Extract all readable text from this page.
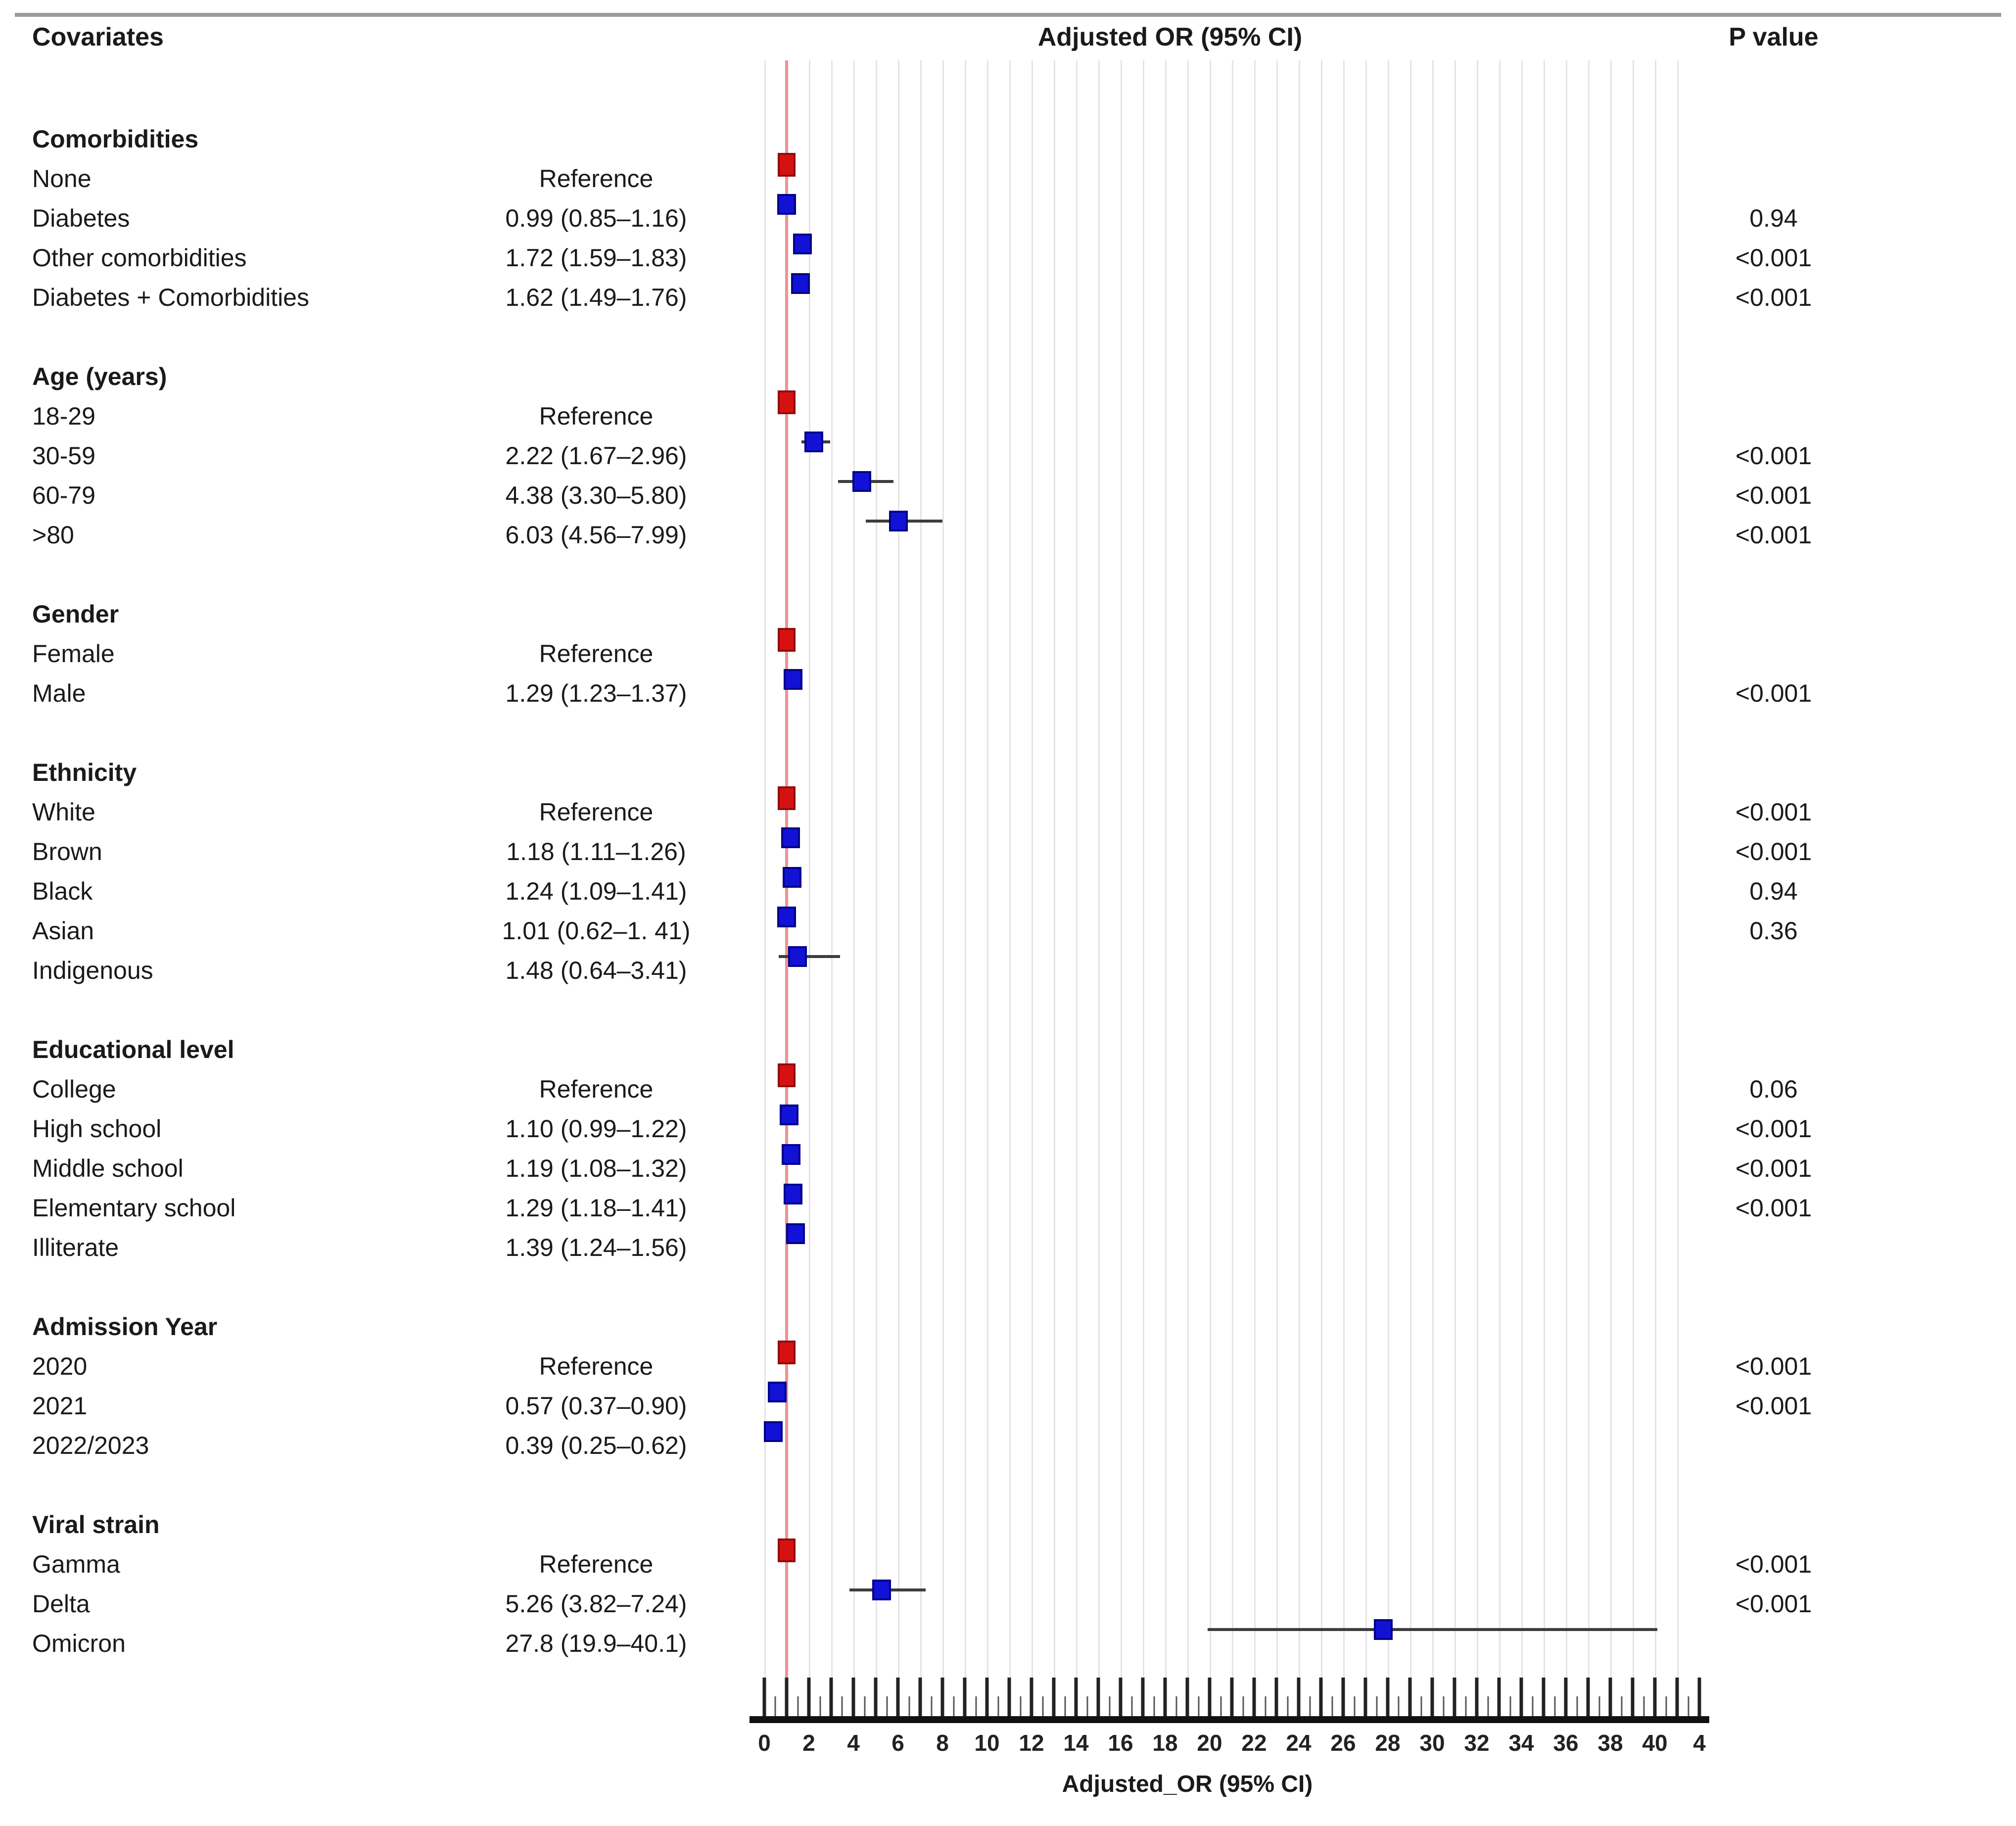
Covariates	Adjusted OR (95% CI)	P value
Comorbidities
None	Reference
Diabetes	0.99 (0.85–1.16)	0.94
Other comorbidities	1.72 (1.59–1.83)	<0.001
Diabetes + Comorbidities	1.62 (1.49–1.76)	<0.001
Age (years)
18-29	Reference
30-59	2.22 (1.67–2.96)	<0.001
60-79	4.38 (3.30–5.80)	<0.001
>80	6.03 (4.56–7.99)	<0.001
Gender
Female	Reference
Male	1.29 (1.23–1.37)	<0.001
Ethnicity
White	Reference	<0.001
Brown	1.18 (1.11–1.26)	<0.001
Black	1.24 (1.09–1.41)	0.94
Asian	1.01 (0.62–1. 41)	0.36
Indigenous	1.48 (0.64–3.41)
Educational level
College	Reference	0.06
High school	1.10 (0.99–1.22)	<0.001
Middle school	1.19 (1.08–1.32)	<0.001
Elementary school	1.29 (1.18–1.41)	<0.001
Illiterate	1.39 (1.24–1.56)
Admission Year
2020	Reference	<0.001
2021	0.57 (0.37–0.90)	<0.001
2022/2023	0.39 (0.25–0.62)
Viral strain
Gamma	Reference	<0.001
Delta	5.26 (3.82–7.24)	<0.001
Omicron	27.8 (19.9–40.1)
0 2 4 6 8 10 12 14 16 18 20 22 24 26 28 30 32 34 36 38 40 4
Adjusted_OR (95% CI)
